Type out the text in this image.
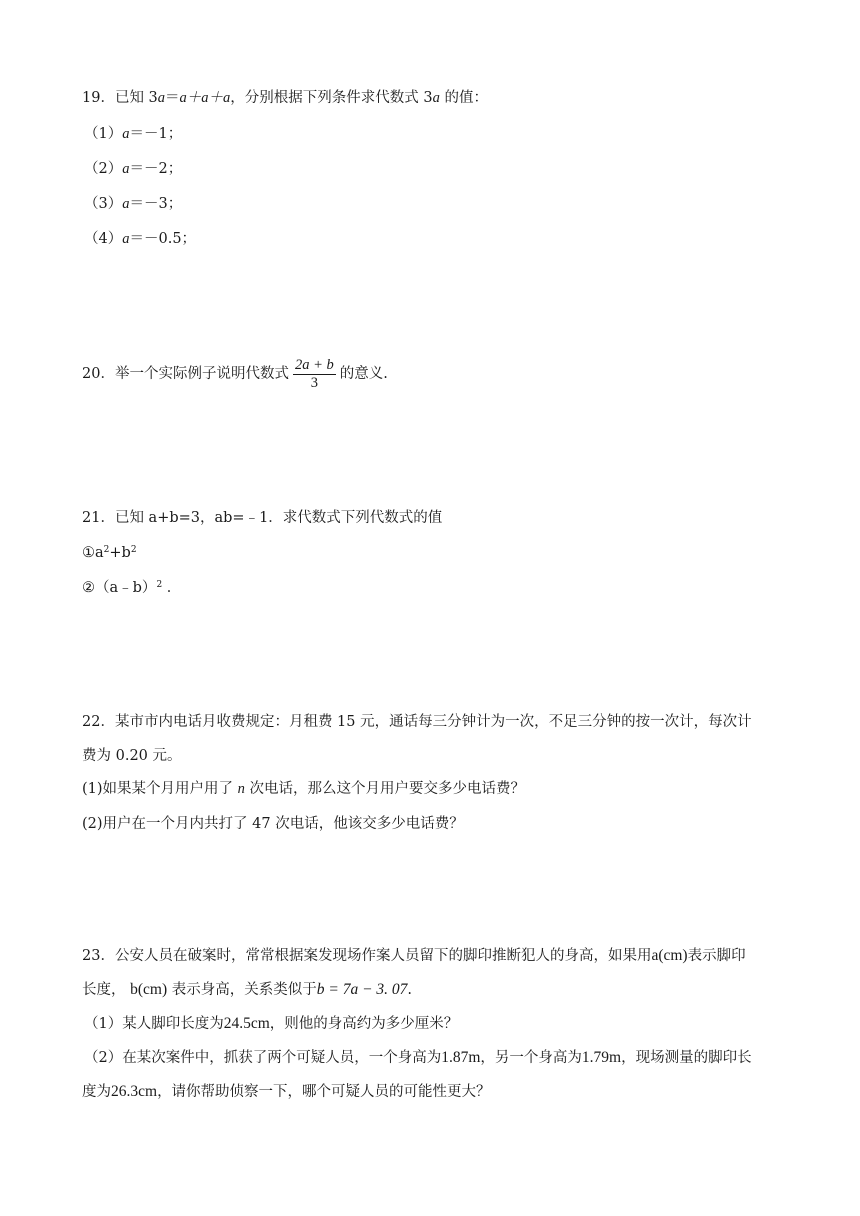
19．已知 3a＝a＋a＋a，分别根据下列条件求代数式 3a 的值：
（1）a＝－1；
（2）a＝－2；
（3）a＝－3；
（4）a＝－0.5；
20．举一个实际例子说明代数式 $\frac{2a + b}{3}$ 的意义.
21．已知 a+b=3，ab=﹣1．求代数式下列代数式的值
$①a^2+b^2$
②（a﹣b）$^2$ ．
22．某市市内电话月收费规定：月租费 15 元，通话每三分钟计为一次，不足三分钟的按一次计，每次计
费为 0.20 元。
(1)如果某个月用户用了 n 次电话，那么这个月用户要交多少电话费？
(2)用户在一个月内共打了 47 次电话，他该交多少电话费？
23．公安人员在破案时，常常根据案发现场作案人员留下的脚印推断犯人的身高，如果用a(cm)表示脚印
长度， b(cm) 表示身高，关系类似于b = 7a − 3. 07.
（1）某人脚印长度为24.5cm，则他的身高约为多少厘米？
（2）在某次案件中，抓获了两个可疑人员，一个身高为1.87m，另一个身高为1.79m，现场测量的脚印长
度为26.3cm，请你帮助侦察一下，哪个可疑人员的可能性更大？
